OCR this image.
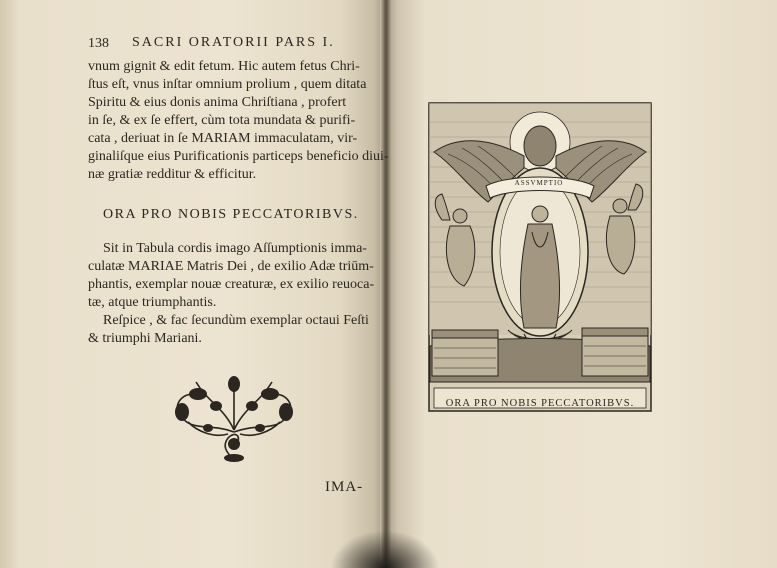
138 SACRI ORATORII PARS I.
vnum gignit & edit fetum. Hic autem fetus Chri-
ſtus eſt, vnus inſtar omnium prolium , quem ditata
Spiritu & eius donis anima Chriſtiana , profert
in ſe, & ex ſe effert, cùm tota mundata & purifi-
cata , deriuat in ſe MARIAM immaculatam, vir-
ginaliſque eius Purificationis particeps beneficio diui-
næ gratiæ redditur & efficitur.
ORA PRO NOBIS PECCATORIBVS.
Sit in Tabula cordis imago Aſſumptionis imma-
culatæ MARIAE Matris Dei , de exilio Adæ triūm-
phantis, exemplar nouæ creaturæ, ex exilio reuoca-
tæ, atque triumphantis.
Reſpice , & fac ſecundùm exemplar octaui Feſti
& triumphi Mariani.
IMA-
ASSVMPTIO
ORA PRO NOBIS PECCATORIBVS.
